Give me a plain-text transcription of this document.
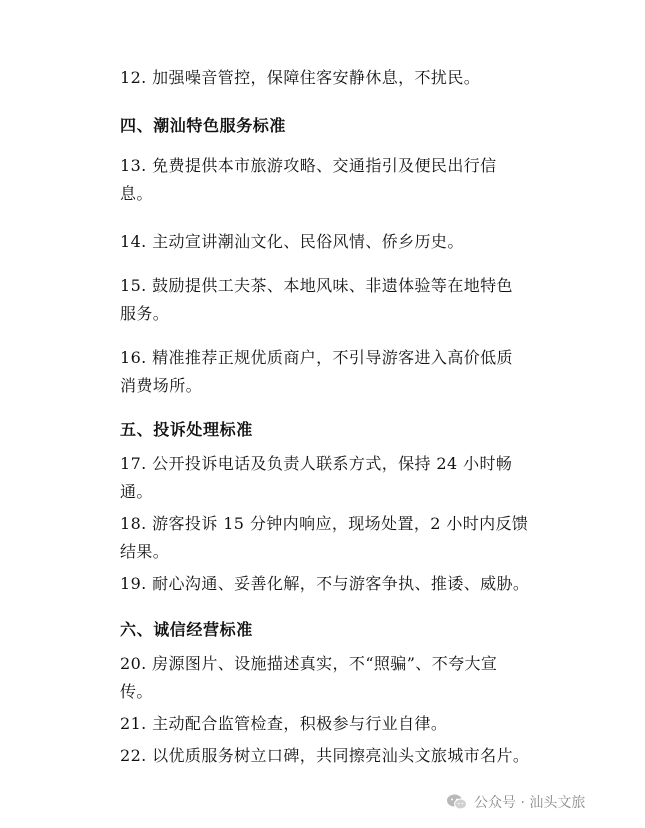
12. 加强噪音管控，保障住客安静休息，不扰民。
四、潮汕特色服务标准
13. 免费提供本市旅游攻略、交通指引及便民出行信
息。
14. 主动宣讲潮汕文化、民俗风情、侨乡历史。
15. 鼓励提供工夫茶、本地风味、非遗体验等在地特色
服务。
16. 精准推荐正规优质商户，不引导游客进入高价低质
消费场所。
五、投诉处理标准
17. 公开投诉电话及负责人联系方式，保持 24 小时畅
通。
18. 游客投诉 15 分钟内响应，现场处置，2 小时内反馈
结果。
19. 耐心沟通、妥善化解，不与游客争执、推诿、威胁。
六、诚信经营标准
20. 房源图片、设施描述真实，不“照骗”、不夸大宣
传。
21. 主动配合监管检查，积极参与行业自律。
22. 以优质服务树立口碑，共同擦亮汕头文旅城市名片。
公众号 · 汕头文旅
